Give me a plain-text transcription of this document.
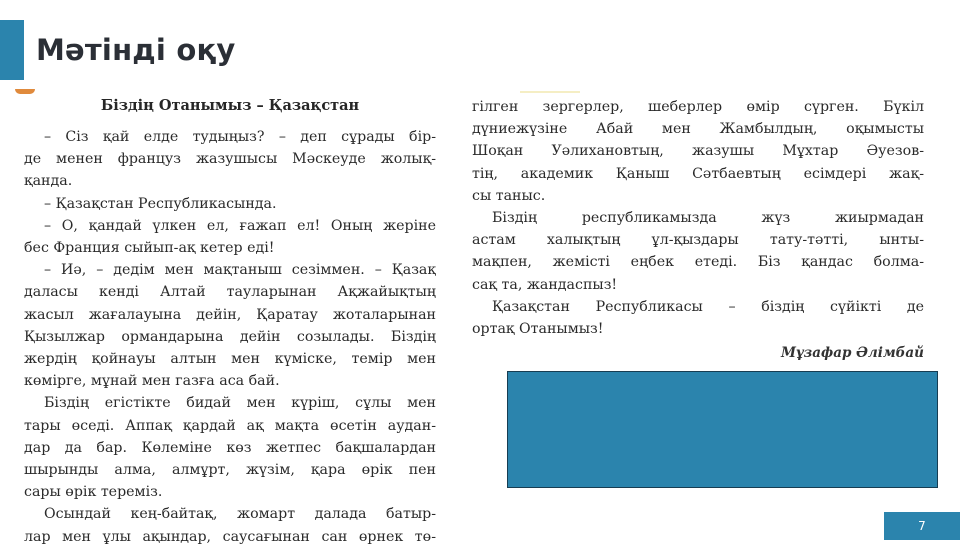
Мәтінді оқу
Біздің Отанымыз – Қазақстан
– Сіз қай елде тудыңыз? – деп сұрады бір-
де менен француз жазушысы Мәскеуде жолық-
қанда.
– Қазақстан Республикасында.
– О, қандай үлкен ел, ғажап ел! Оның жеріне
бес Франция сыйып-ақ кетер еді!
– Иә, – дедім мен мақтаныш сезіммен. – Қазақ
даласы кенді Алтай тауларынан Ақжайықтың
жасыл жағалауына дейін, Қаратау жоталарынан
Қызылжар ормандарына дейін созылады. Біздің
жердің қойнауы алтын мен күміске, темір мен
көмірге, мұнай мен газға аса бай.
Біздің егістікте бидай мен күріш, сұлы мен
тары өседі. Аппақ қардай ақ мақта өсетін аудан-
дар да бар. Көлеміне көз жетпес бақшалардан
шырынды алма, алмұрт, жүзім, қара өрік пен
сары өрік тереміз.
Осындай кең-байтақ, жомарт далада батыр-
лар мен ұлы ақындар, саусағынан сан өрнек тө-
гілген зергерлер, шеберлер өмір сүрген. Бүкіл
дүниежүзіне Абай мен Жамбылдың, оқымысты
Шоқан Уәлихановтың, жазушы Мұхтар Әуезов-
тің, академик Қаныш Сәтбаевтың есімдері жақ-
сы таныс.
Біздің республикамызда жүз жиырмадан
астам халықтың ұл-қыздары тату-тәтті, ынты-
мақпен, жемісті еңбек етеді. Біз қандас болма-
сақ та, жандаспыз!
Қазақстан Республикасы – біздің сүйікті де
ортақ Отанымыз!
Мұзафар Әлімбай
7
